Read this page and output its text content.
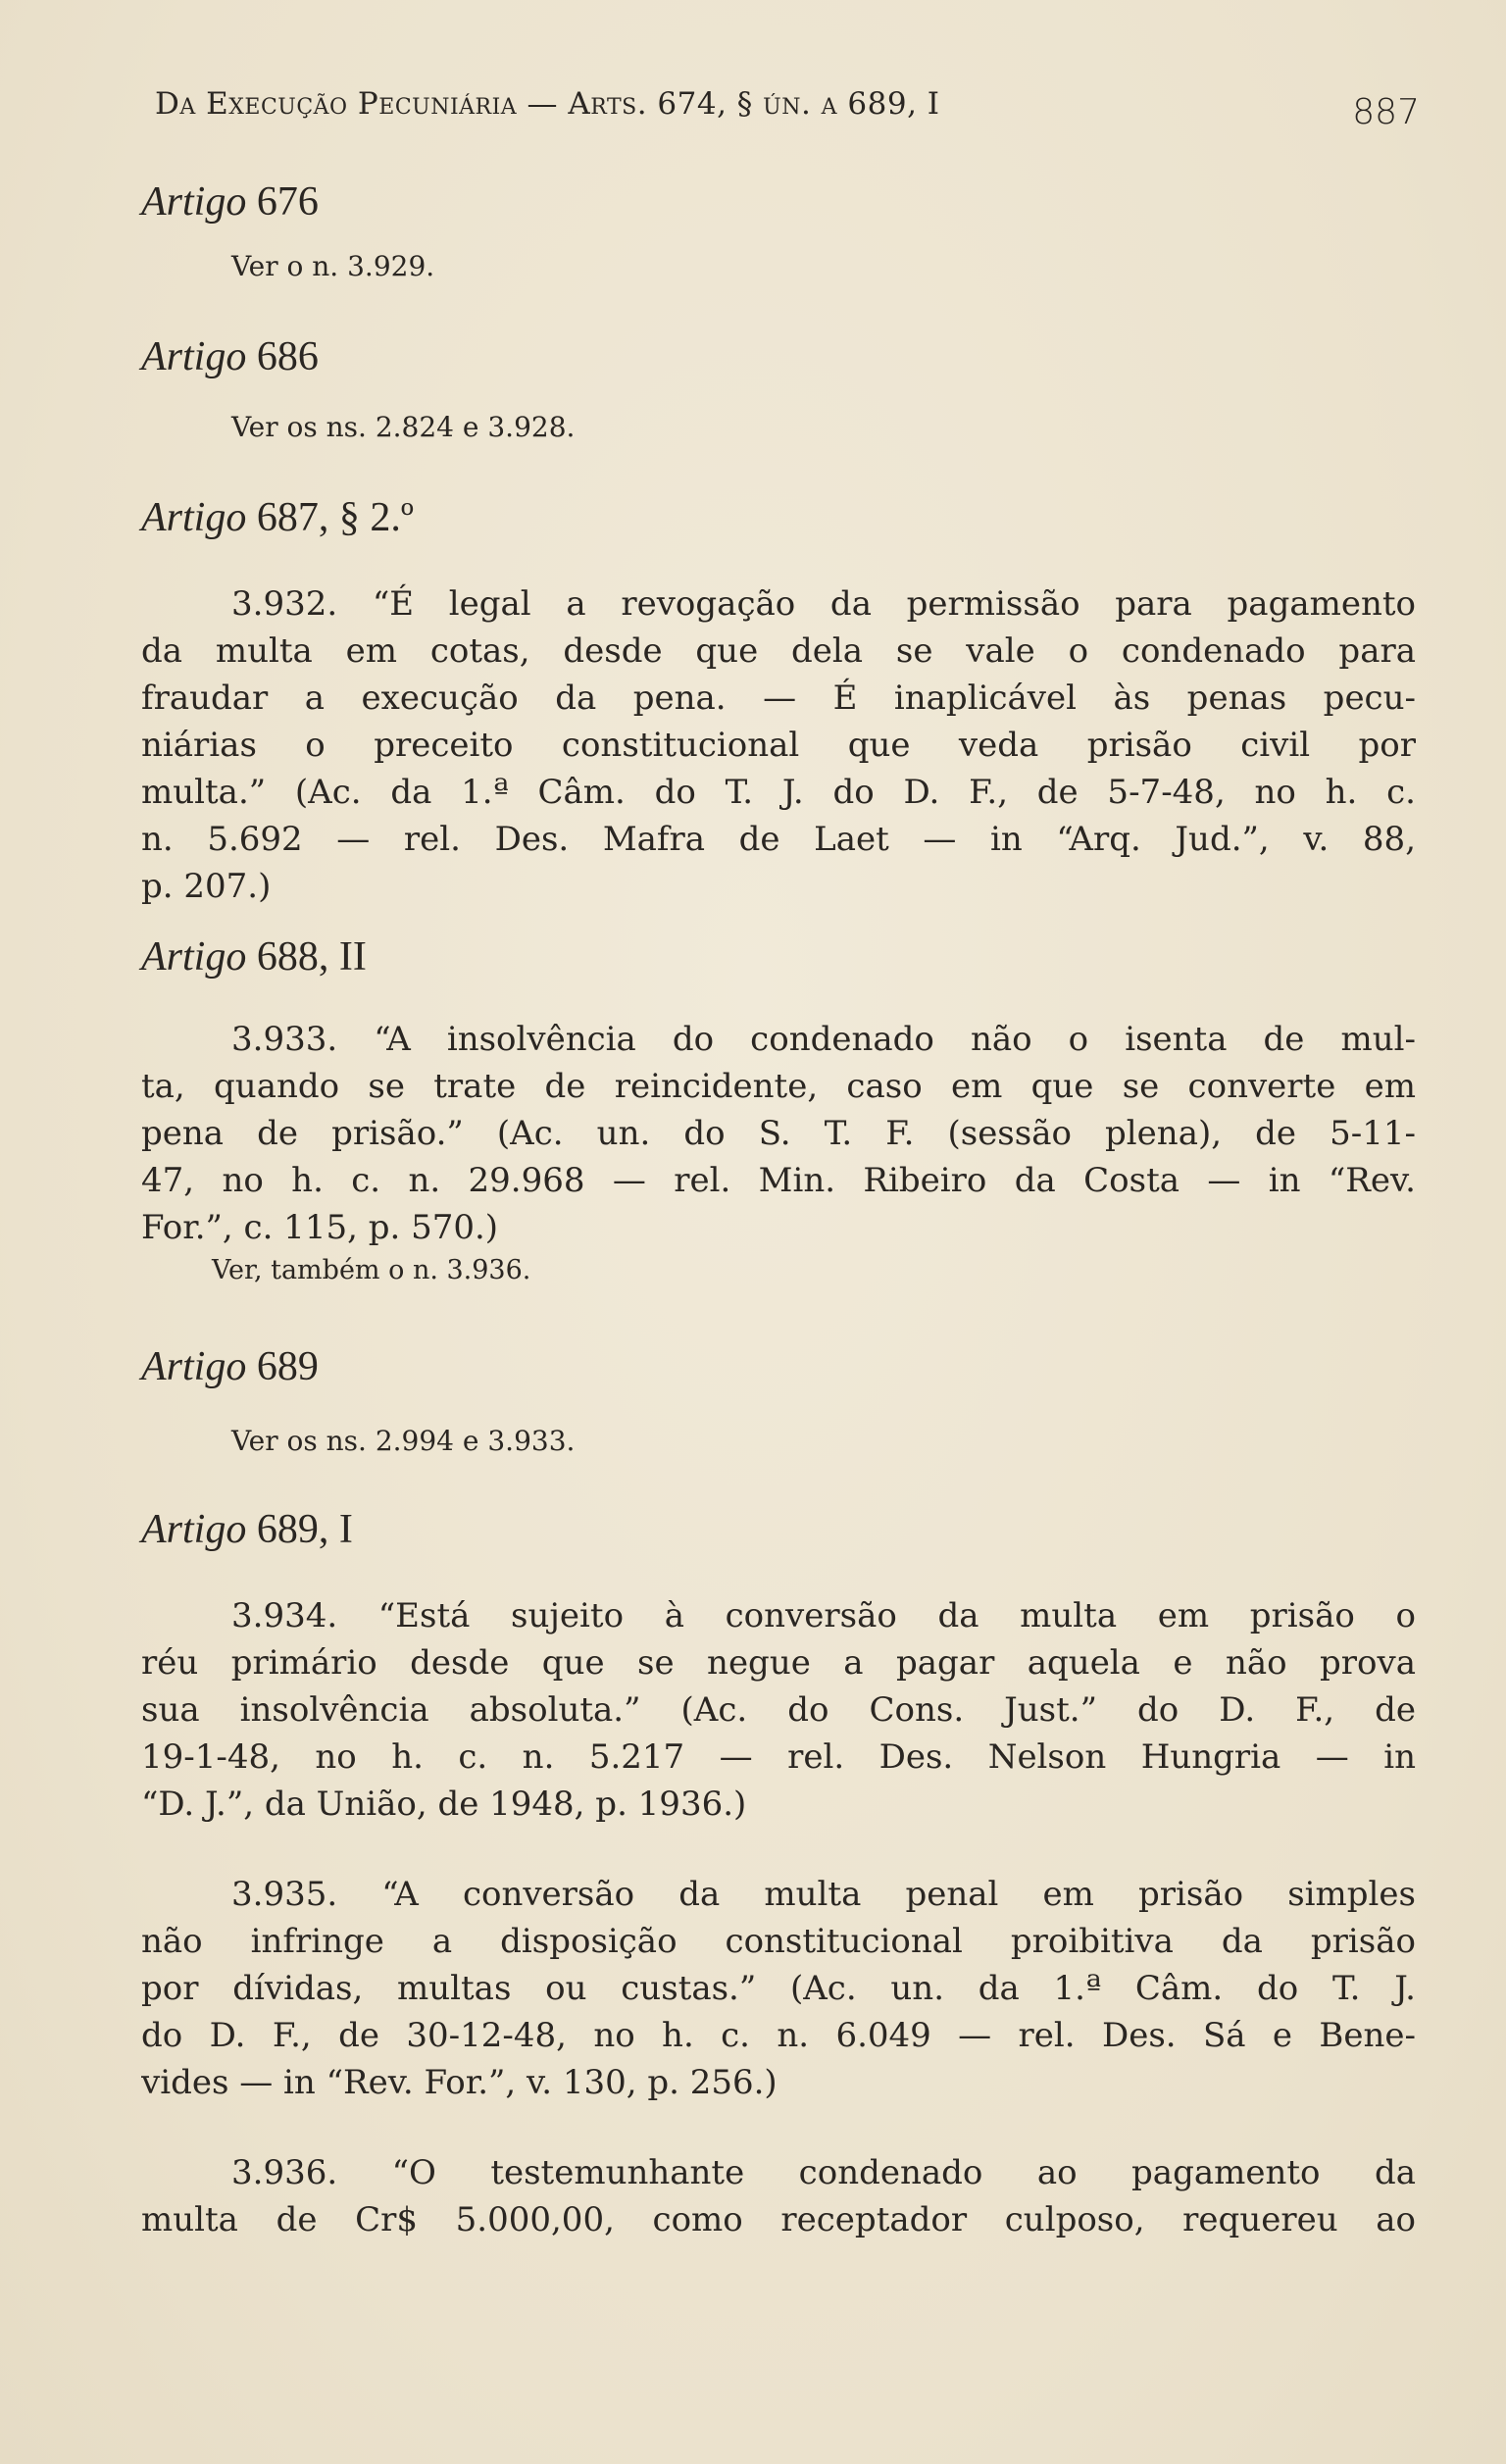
Da Execução Pecuniária — Arts. 674, § ún. a 689, I	887
Artigo 676
Ver o n. 3.929.
Artigo 686
Ver os ns. 2.824 e 3.928.
Artigo 687, § 2.º
3.932. “É legal a revogação da permissão para pagamento
da multa em cotas, desde que dela se vale o condenado para
fraudar a execução da pena. — É inaplicável às penas pecu-
niárias o preceito constitucional que veda prisão civil por
multa.” (Ac. da 1.ª Câm. do T. J. do D. F., de 5-7-48, no h. c.
n. 5.692 — rel. Des. Mafra de Laet — in “Arq. Jud.”, v. 88,
p. 207.)
Artigo 688, II
3.933. “A insolvência do condenado não o isenta de mul-
ta, quando se trate de reincidente, caso em que se converte em
pena de prisão.” (Ac. un. do S. T. F. (sessão plena), de 5-11-
47, no h. c. n. 29.968 — rel. Min. Ribeiro da Costa — in “Rev.
For.”, c. 115, p. 570.)
Ver, também o n. 3.936.
Artigo 689
Ver os ns. 2.994 e 3.933.
Artigo 689, I
3.934. “Está sujeito à conversão da multa em prisão o
réu primário desde que se negue a pagar aquela e não prova
sua insolvência absoluta.” (Ac. do Cons. Just.” do D. F., de
19-1-48, no h. c. n. 5.217 — rel. Des. Nelson Hungria — in
“D. J.”, da União, de 1948, p. 1936.)
3.935. “A conversão da multa penal em prisão simples
não infringe a disposição constitucional proibitiva da prisão
por dívidas, multas ou custas.” (Ac. un. da 1.ª Câm. do T. J.
do D. F., de 30-12-48, no h. c. n. 6.049 — rel. Des. Sá e Bene-
vides — in “Rev. For.”, v. 130, p. 256.)
3.936. “O testemunhante condenado ao pagamento da
multa de Cr$ 5.000,00, como receptador culposo, requereu ao
